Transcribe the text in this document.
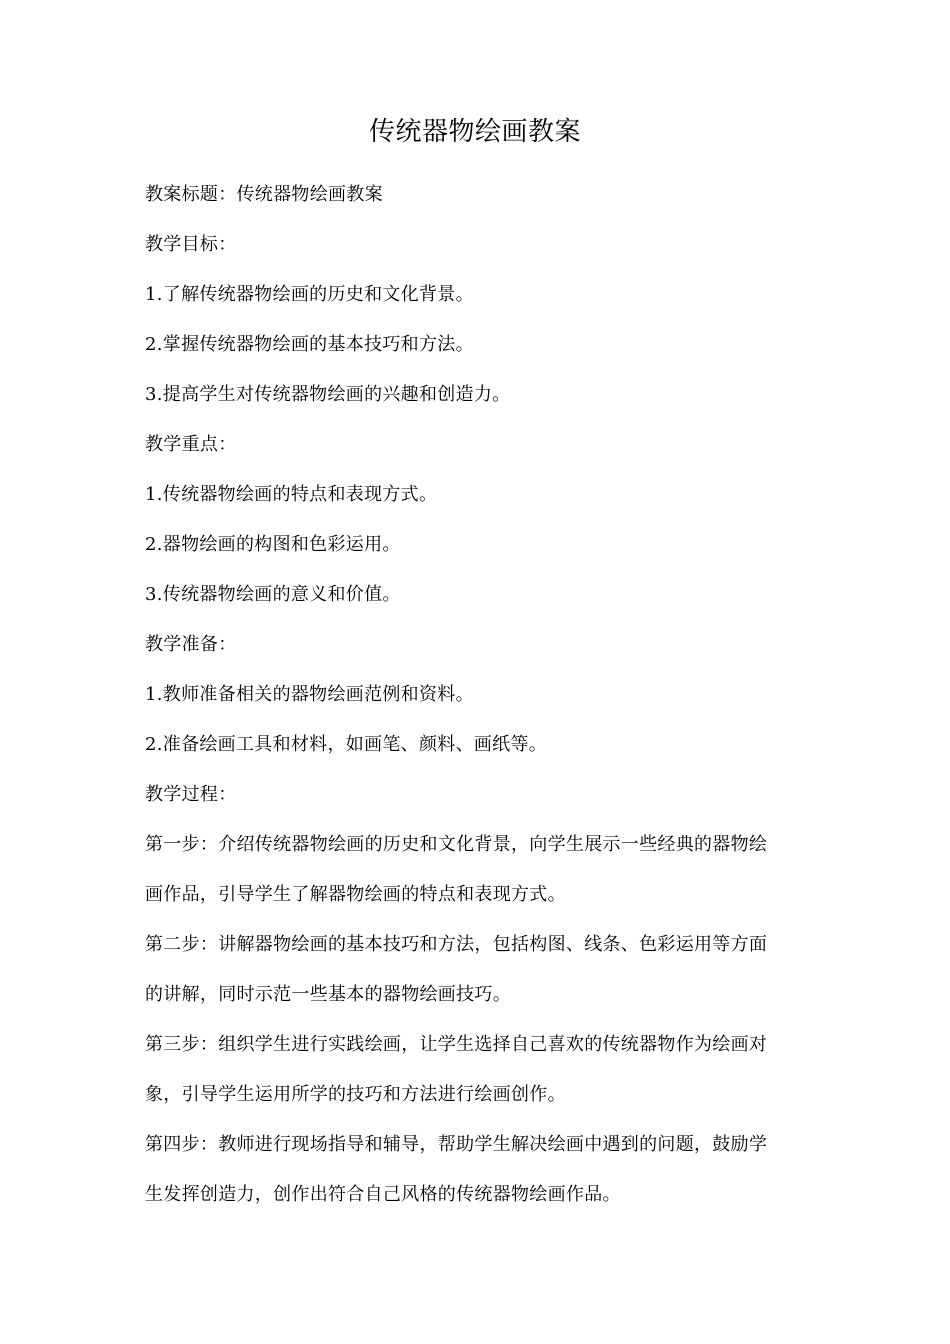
传统器物绘画教案
教案标题：传统器物绘画教案
教学目标：
1.了解传统器物绘画的历史和文化背景。
2.掌握传统器物绘画的基本技巧和方法。
3.提高学生对传统器物绘画的兴趣和创造力。
教学重点：
1.传统器物绘画的特点和表现方式。
2.器物绘画的构图和色彩运用。
3.传统器物绘画的意义和价值。
教学准备：
1.教师准备相关的器物绘画范例和资料。
2.准备绘画工具和材料，如画笔、颜料、画纸等。
教学过程：
第一步：介绍传统器物绘画的历史和文化背景，向学生展示一些经典的器物绘
画作品，引导学生了解器物绘画的特点和表现方式。
第二步：讲解器物绘画的基本技巧和方法，包括构图、线条、色彩运用等方面
的讲解，同时示范一些基本的器物绘画技巧。
第三步：组织学生进行实践绘画，让学生选择自己喜欢的传统器物作为绘画对
象，引导学生运用所学的技巧和方法进行绘画创作。
第四步：教师进行现场指导和辅导，帮助学生解决绘画中遇到的问题，鼓励学
生发挥创造力，创作出符合自己风格的传统器物绘画作品。
